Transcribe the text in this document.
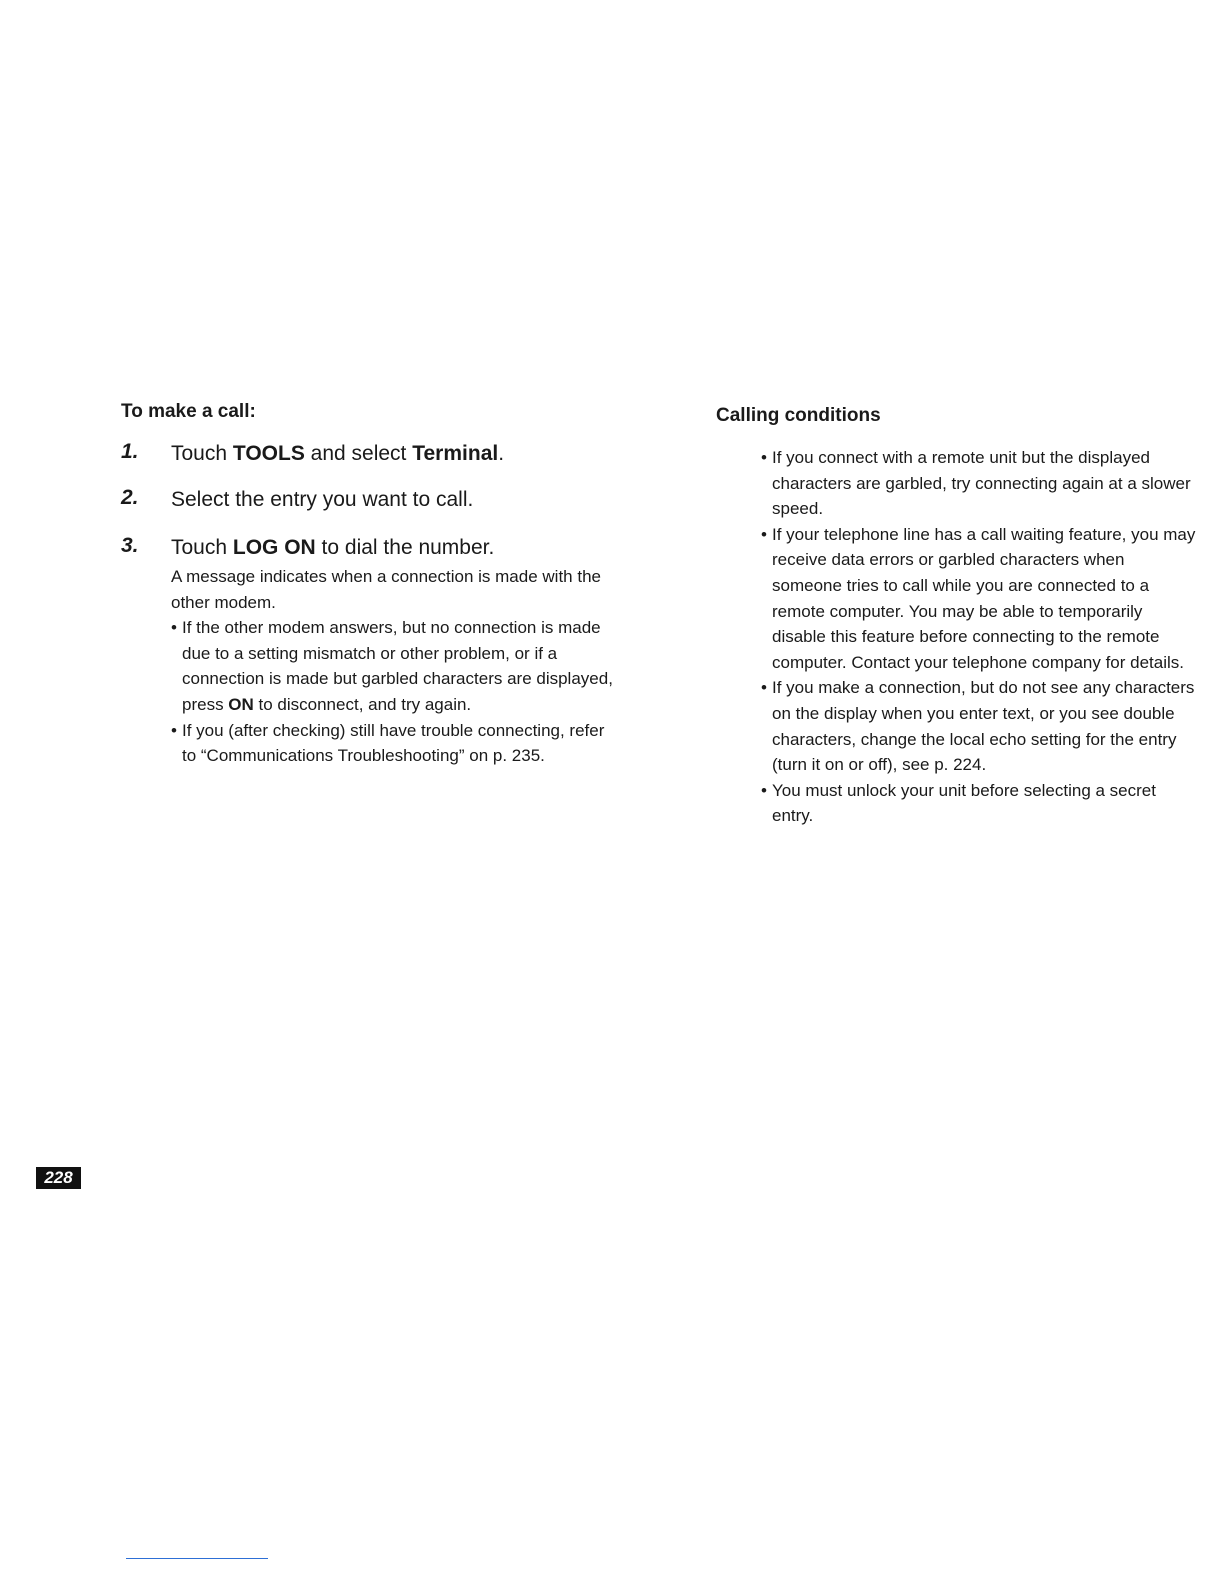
To make a call:
1. Touch TOOLS and select Terminal.
2. Select the entry you want to call.
3. Touch LOG ON to dial the number.
A message indicates when a connection is made with the other modem.
• If the other modem answers, but no connection is made due to a setting mismatch or other problem, or if a connection is made but garbled characters are displayed, press ON to disconnect, and try again.
• If you (after checking) still have trouble connecting, refer to “Communications Troubleshooting” on p. 235.
Calling conditions
• If you connect with a remote unit but the displayed characters are garbled, try connecting again at a slower speed.
• If your telephone line has a call waiting feature, you may receive data errors or garbled characters when someone tries to call while you are connected to a remote computer. You may be able to temporarily disable this feature before connecting to the remote computer. Contact your telephone company for details.
• If you make a connection, but do not see any characters on the display when you enter text, or you see double characters, change the local echo setting for the entry (turn it on or off), see p. 224.
• You must unlock your unit before selecting a secret entry.
228
